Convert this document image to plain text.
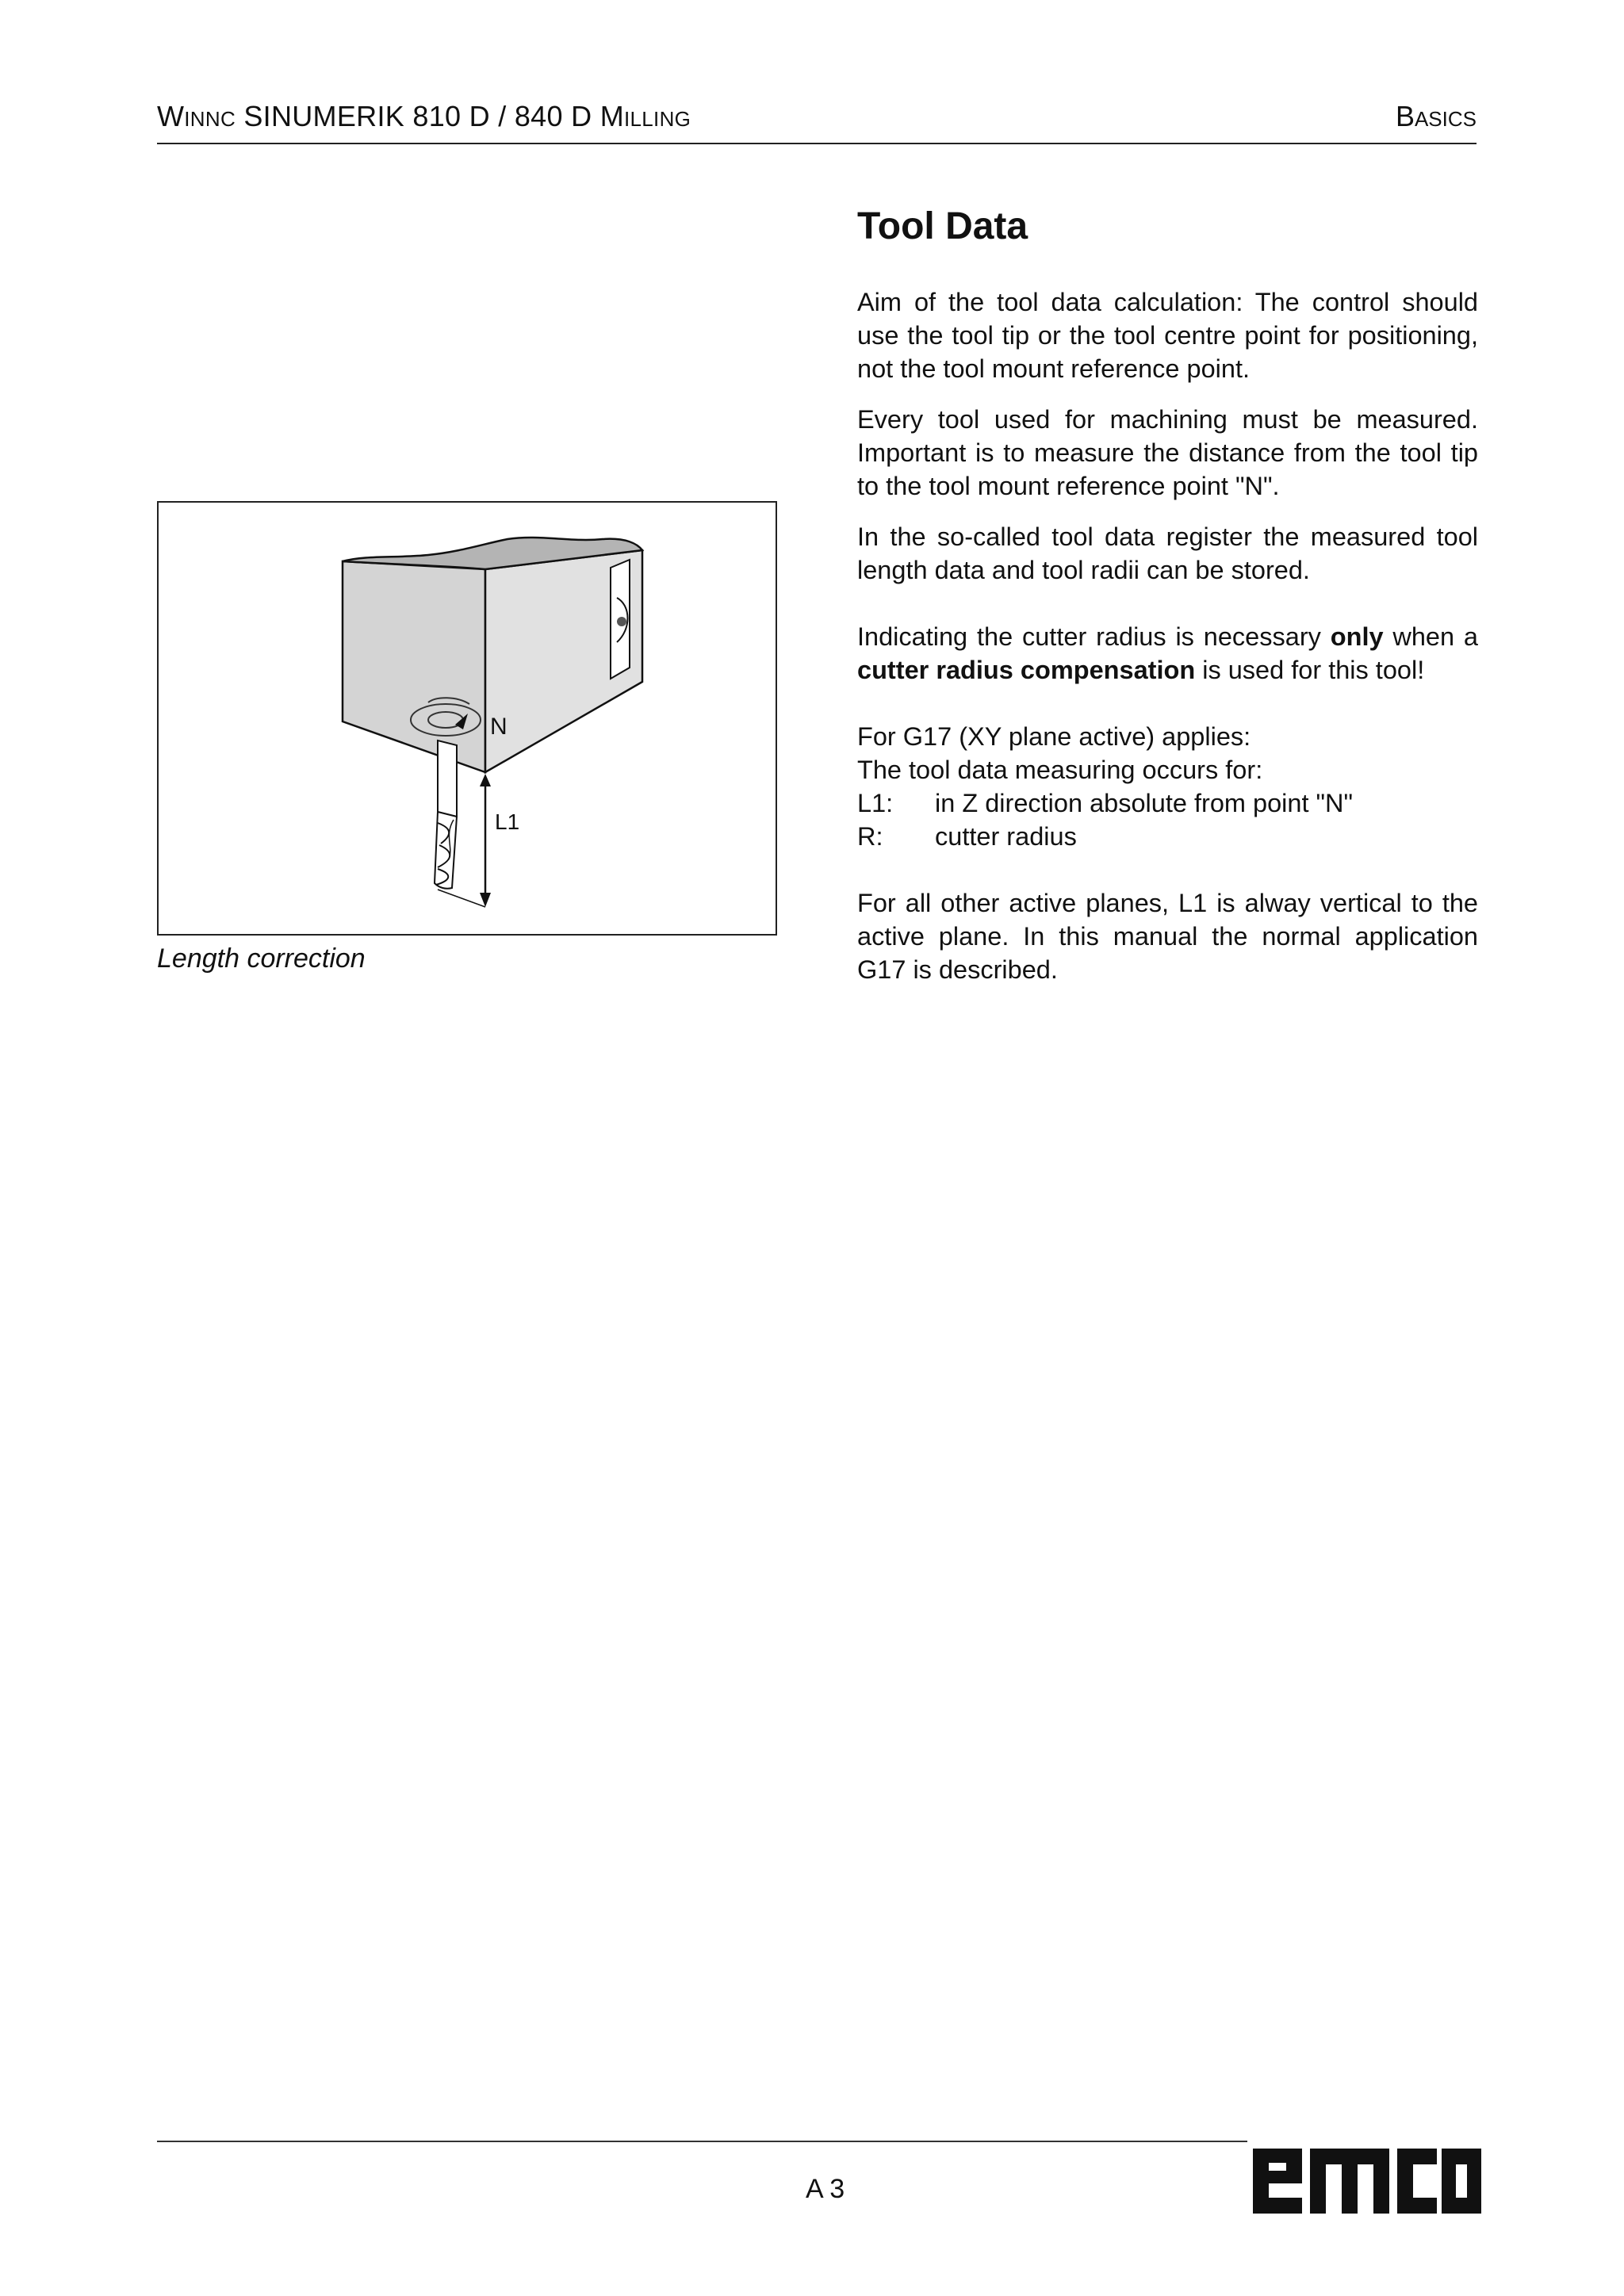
WINNC SINUMERIK 810 D / 840 D MILLING	BASICS
Tool Data

Aim of the tool data calculation: The control should use the tool tip or the tool centre point for positioning, not the tool mount reference point.

Every tool used for machining must be measured. Important is to measure the distance from the tool tip to the tool mount reference point "N".

In the so-called tool data register the measured tool length data and tool radii can be stored.

Indicating the cutter radius is necessary only when a cutter radius compensation is used for this tool!

For G17 (XY plane active) applies:

The tool data measuring occurs for:

L1:	in Z direction absolute from point "N"
R:	cutter radius

For all other active planes, L1 is alway vertical to the active plane. In this manual the normal application G17 is described.

N
L1
Length correction
A 3
